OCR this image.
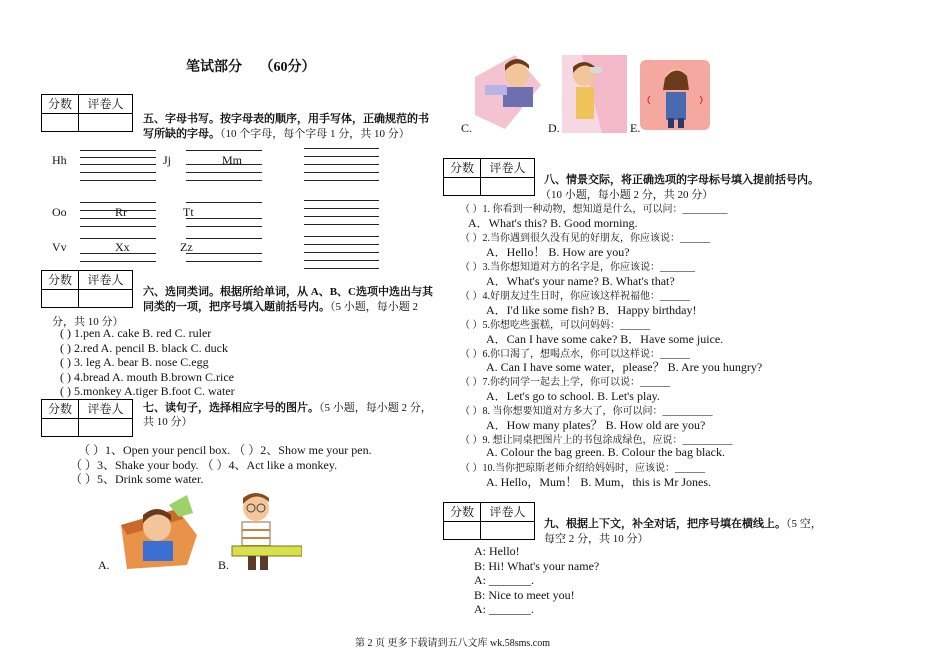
笔试部分 （60分）
分数	评卷人
五、字母书写。按字母表的顺序，用手写体，正确规范的书
写所缺的字母。（10 个字母，每个字母 1 分，共 10 分）
Hh	Jj	Mm
Oo	Rr	Tt
Vv	Xx	Zz
分数	评卷人
六、选同类词。根据所给单词，从 A、B、C选项中选出与其
同类的一项，把序号填入题前括号内。（5 小题，每小题 2
分，共 10 分）
( ) 1.pen A. cake B. red C. ruler
( ) 2.red A. pencil B. black C. duck
( ) 3. leg A. bear B. nose C.egg
( ) 4.bread A. mouth B.brown C.rice
( ) 5.monkey A.tiger B.foot C. water
分数	评卷人	七、读句子，选择相应字号的图片。（5 小题，每小题 2 分，
共 10 分）
（ ）1、Open your pencil box. （ ）2、Show me your pen.
（ ）3、Shake your body. （ ）4、Act like a monkey.
（ ）5、Drink some water.
A.	B.
C.	D.	E.
分数	评卷人
八、情景交际，将正确选项的字母标号填入提前括号内。
（10 小题，每小题 2 分，共 20 分）
（ ）1. 你看到一种动物，想知道是什么，可以问：_________
A．What's this? B. Good morning.
（ ）2.当你遇到很久没有见的好朋友，你应该说：______
A．Hello！ B. How are you?
（ ）3.当你想知道对方的名字是，你应该说：_______
A．What's your name? B. What's that?
（ ）4.好朋友过生日时，你应该这样祝福他：______
A．I'd like some fish? B．Happy birthday!
（ ）5.你想吃些蛋糕，可以问妈妈：______
A．Can I have some cake? B．Have some juice.
（ ）6.你口渴了，想喝点水，你可以这样说：______
A. Can I have some water，please？ B. Are you hungry?
（ ）7.你约同学一起去上学，你可以说：______
A．Let's go to school. B. Let's play.
（ ）8. 当你想要知道对方多大了，你可以问：__________
A．How many plates？ B. How old are you?
（ ）9. 想让同桌把图片上的书包涂成绿色，应说：__________
A. Colour the bag green. B. Colour the bag black.
（ ）10.当你把琼斯老师介绍给妈妈时，应该说：______
A. Hello，Mum！ B. Mum，this is Mr Jones.
分数	评卷人
九、根据上下文，补全对话，把序号填在横线上。（5 空，
每空 2 分，共 10 分）
A: Hello!
B: Hi! What's your name?
A: _______.
B: Nice to meet you!
A: _______.
第 2 页 更多下载请到五八文库 wk.58sms.com
